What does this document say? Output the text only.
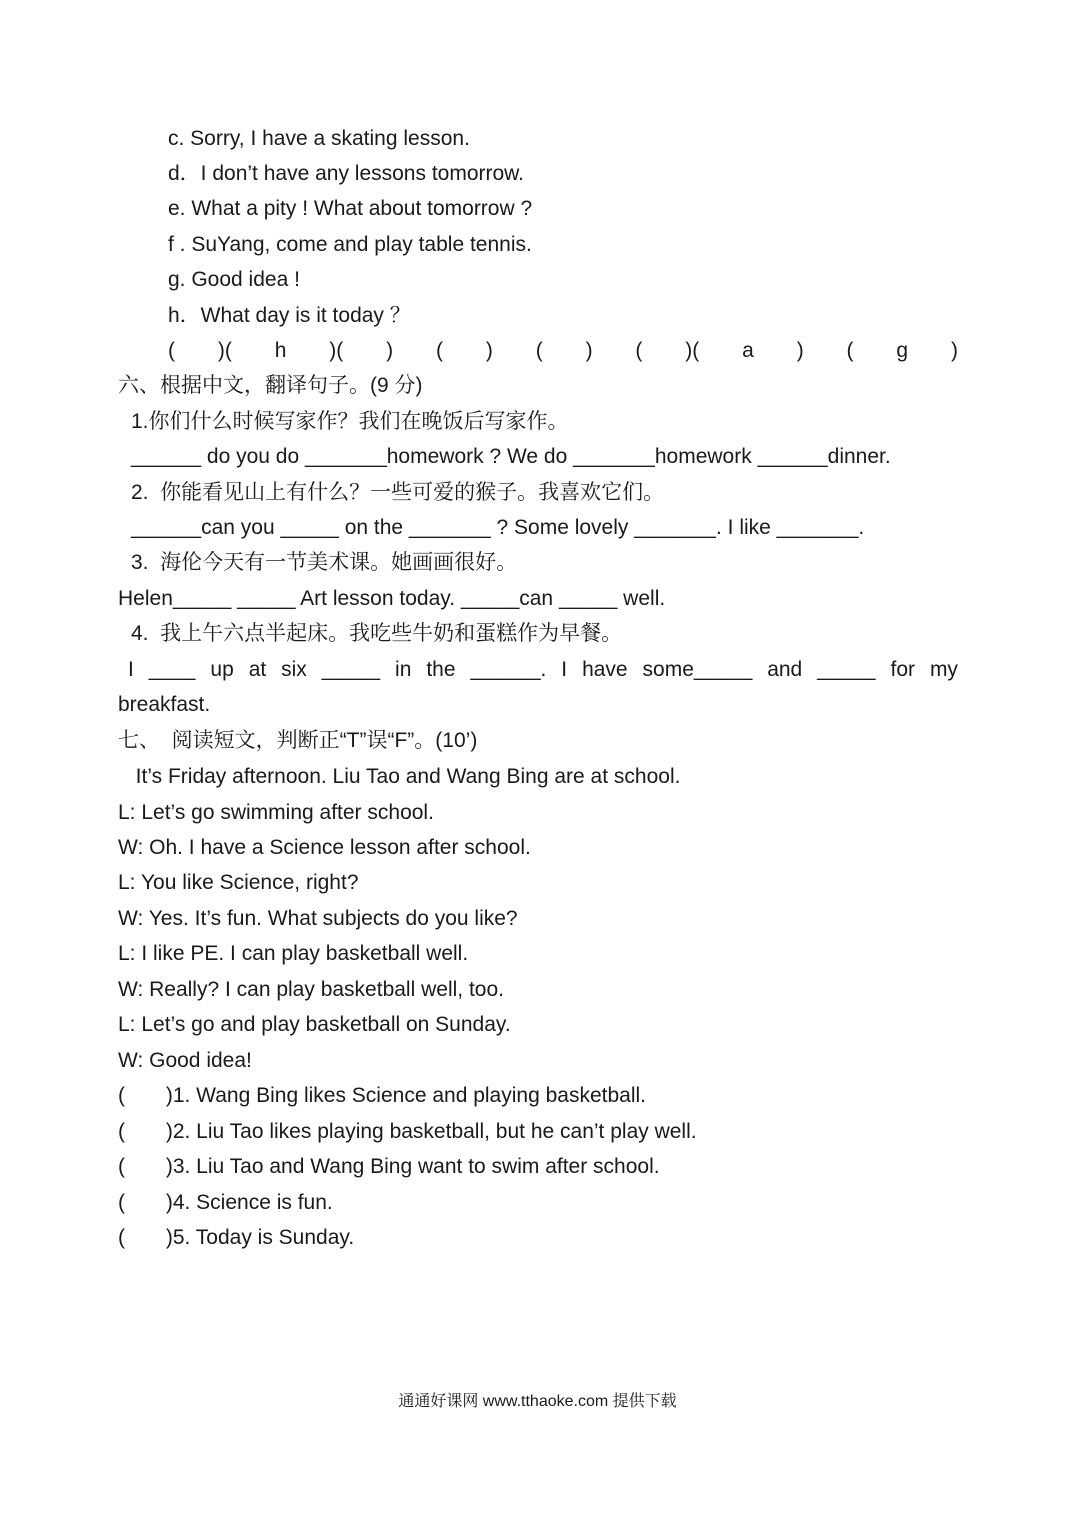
c. Sorry, I have a skating lesson.
d．I don’t have any lessons tomorrow.
e. What a pity ! What about tomorrow ?
f . SuYang, come and play table tennis.
g. Good idea !
h．What day is it today ？
( )( h )( ) ( ) ( ) ( )( a ) ( g )
六、根据中文，翻译句子。(9 分)
1.你们什么时候写家作？我们在晚饭后写家作。
______ do you do _______homework ? We do _______homework ______dinner.
2.  你能看见山上有什么？一些可爱的猴子。我喜欢它们。
______can you _____ on the _______ ? Some lovely _______. I like _______.
3.  海伦今天有一节美术课。她画画很好。
Helen_____ _____ Art lesson today. _____can _____ well.
4.  我上午六点半起床。我吃些牛奶和蛋糕作为早餐。
I ____ up at six _____ in the ______. I have some_____ and _____ for my
breakfast.
七、  阅读短文，判断正“T”误“F”。(10’)
It’s Friday afternoon. Liu Tao and Wang Bing are at school.
L: Let’s go swimming after school.
W: Oh. I have a Science lesson after school.
L: You like Science, right?
W: Yes. It’s fun. What subjects do you like?
L: I like PE. I can play basketball well.
W: Really? I can play basketball well, too.
L: Let’s go and play basketball on Sunday.
W: Good idea!
(       )1. Wang Bing likes Science and playing basketball.
(       )2. Liu Tao likes playing basketball, but he can’t play well.
(       )3. Liu Tao and Wang Bing want to swim after school.
(       )4. Science is fun.
(       )5. Today is Sunday.
通通好课网 www.tthaoke.com 提供下载
